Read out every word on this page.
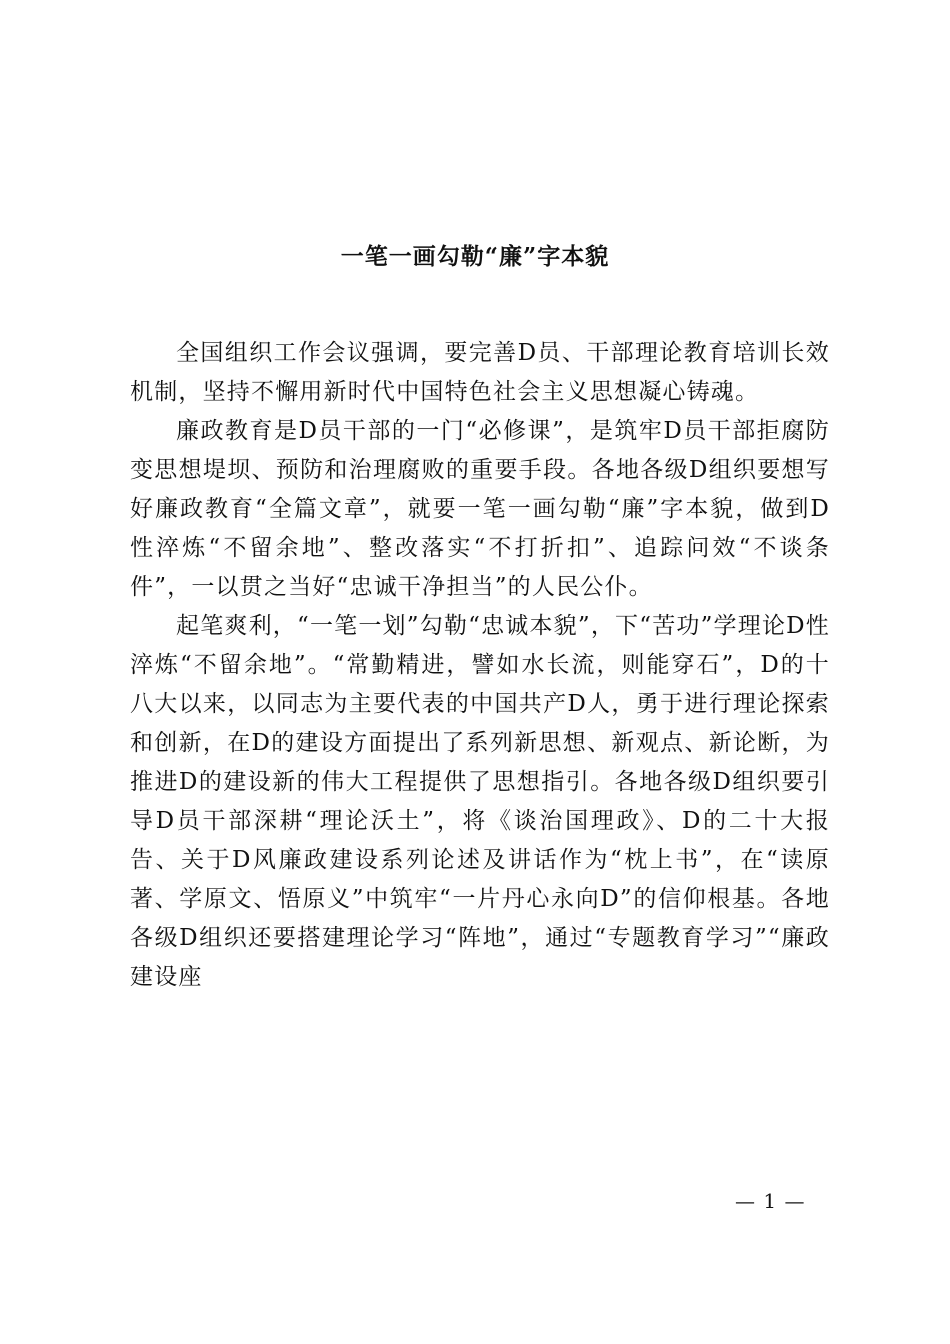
一笔一画勾勒“廉”字本貌

全国组织工作会议强调，要完善D员、干部理论教育培训长效机制，坚持不懈用新时代中国特色社会主义思想凝心铸魂。

廉政教育是D员干部的一门“必修课”，是筑牢D员干部拒腐防变思想堤坝、预防和治理腐败的重要手段。各地各级D组织要想写好廉政教育“全篇文章”，就要一笔一画勾勒“廉”字本貌，做到D性淬炼“不留余地”、整改落实“不打折扣”、追踪问效“不谈条件”，一以贯之当好“忠诚干净担当”的人民公仆。

起笔爽利，“一笔一划”勾勒“忠诚本貌”，下“苦功”学理论D性淬炼“不留余地”。“常勤精进，譬如水长流，则能穿石”，D的十八大以来，以同志为主要代表的中国共产D人，勇于进行理论探索和创新，在D的建设方面提出了系列新思想、新观点、新论断，为推进D的建设新的伟大工程提供了思想指引。各地各级D组织要引导D员干部深耕“理论沃土”，将《谈治国理政》、D的二十大报告、关于D风廉政建设系列论述及讲话作为“枕上书”，在“读原著、学原文、悟原义”中筑牢“一片丹心永向D”的信仰根基。各地各级D组织还要搭建理论学习“阵地”，通过“专题教育学习”“廉政建设座

— 1 —
